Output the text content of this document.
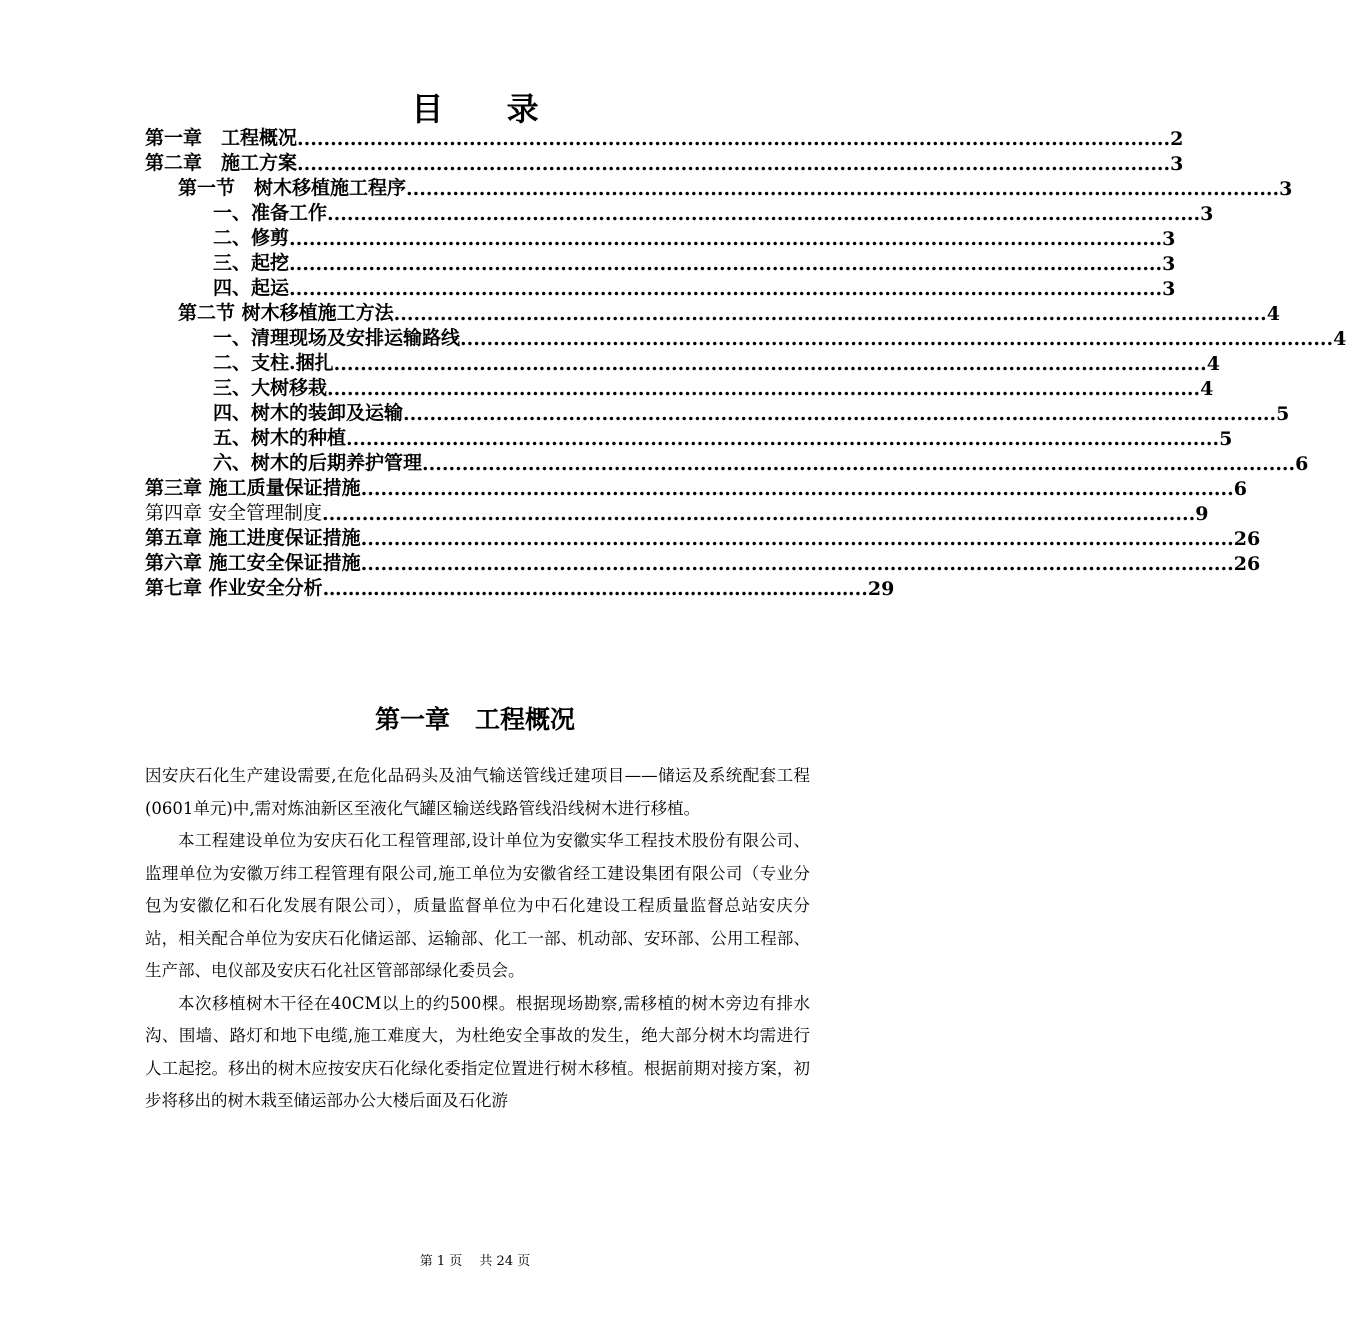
目 录
第一章　工程概况 .................................................................................................................................... 2
第二章　施工方案 .................................................................................................................................... 3
第一节　树木移植施工程序 .................................................................................................................................... 3
一、准备工作 .................................................................................................................................... 3
二、修剪 .................................................................................................................................... 3
三、起挖 .................................................................................................................................... 3
四、起运 .................................................................................................................................... 3
第二节 树木移植施工方法 .................................................................................................................................... 4
一、清理现场及安排运输路线 .................................................................................................................................... 4
二、支柱.捆扎 .................................................................................................................................... 4
三、大树移栽 .................................................................................................................................... 4
四、树木的装卸及运输 .................................................................................................................................... 5
五、树木的种植 .................................................................................................................................... 5
六、树木的后期养护管理 .................................................................................................................................... 6
第三章 施工质量保证措施 .................................................................................................................................... 6
第四章 安全管理制度 .................................................................................................................................... 9
第五章 施工进度保证措施 .................................................................................................................................... 26
第六章 施工安全保证措施 .................................................................................................................................... 26
第七章 作业安全分析 ………………………………………………………………………… ..29
第一章　工程概况

因安庆石化生产建设需要,在危化品码头及油气输送管线迁建项目——储运及系统配套工程(0601单元)中,需对炼油新区至液化气罐区输送线路管线沿线树木进行移植。

本工程建设单位为安庆石化工程管理部,设计单位为安徽实华工程技术股份有限公司、监理单位为安徽万纬工程管理有限公司,施工单位为安徽省经工建设集团有限公司（专业分包为安徽亿和石化发展有限公司），质量监督单位为中石化建设工程质量监督总站安庆分站，相关配合单位为安庆石化储运部、运输部、化工一部、机动部、安环部、公用工程部、生产部、电仪部及安庆石化社区管部部绿化委员会。

本次移植树木干径在40CM以上的约500棵。根据现场勘察,需移植的树木旁边有排水沟、围墙、路灯和地下电缆,施工难度大，为杜绝安全事故的发生，绝大部分树木均需进行人工起挖。移出的树木应按安庆石化绿化委指定位置进行树木移植。根据前期对接方案，初步将移出的树木栽至储运部办公大楼后面及石化游

第 1 页　 共 24 页
